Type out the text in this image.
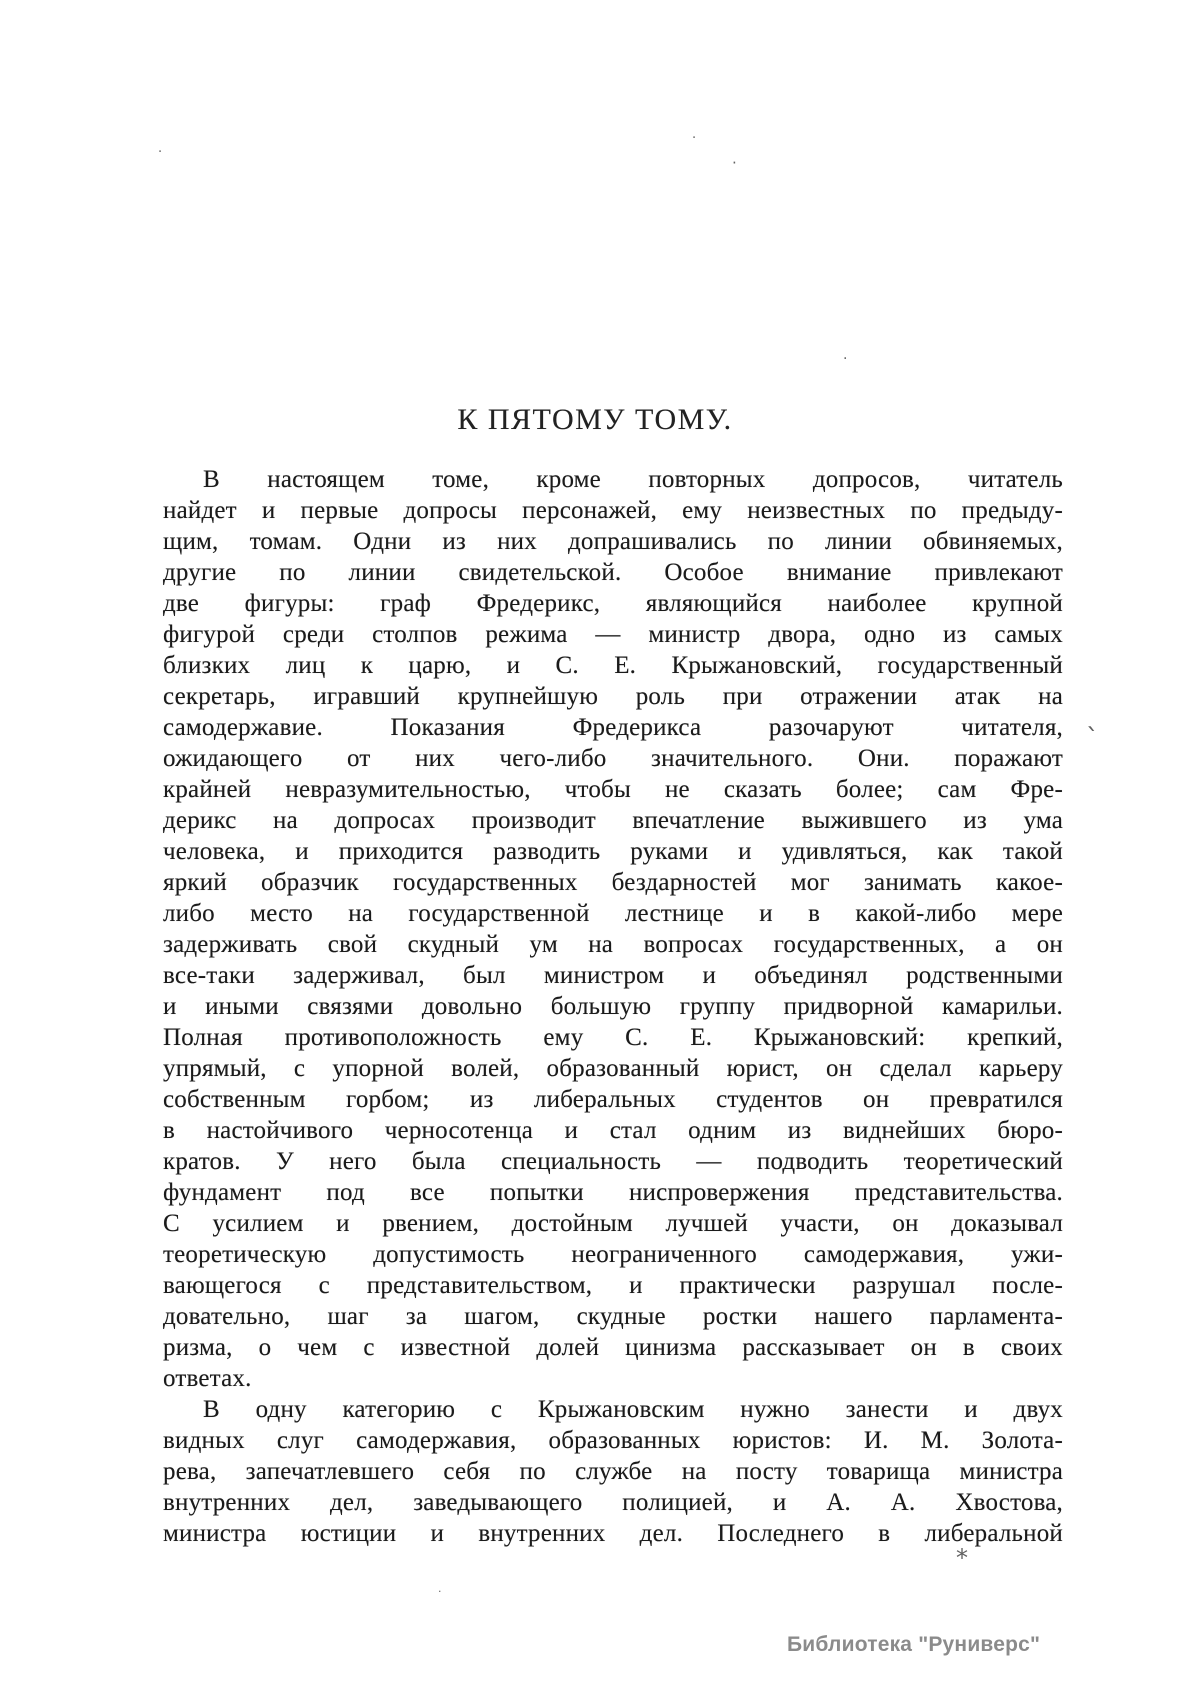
К ПЯТОМУ ТОМУ.
В настоящем томе, кроме повторных допросов, читатель
найдет и первые допросы персонажей, ему неизвестных по предыду-
щим, томам. Одни из них допрашивались по линии обвиняемых,
другие по линии свидетельской. Особое внимание привлекают
две фигуры: граф Фредерикс, являющийся наиболее крупной
фигурой среди столпов режима — министр двора, одно из самых
близких лиц к царю, и С. Е. Крыжановский, государственный
секретарь, игравший крупнейшую роль при отражении атак на
самодержавие. Показания Фредерикса разочаруют читателя,
ожидающего от них чего-либо значительного. Они. поражают
крайней невразумительностью, чтобы не сказать более; сам Фре-
дерикс на допросах производит впечатление выжившего из ума
человека, и приходится разводить руками и удивляться, как такой
яркий образчик государственных бездарностей мог занимать какое-
либо место на государственной лестнице и в какой-либо мере
задерживать свой скудный ум на вопросах государственных, а он
все-таки задерживал, был министром и объединял родственными
и иными связями довольно большую группу придворной камарильи.
Полная противоположность ему С. Е. Крыжановский: крепкий,
упрямый, с упорной волей, образованный юрист, он сделал карьеру
собственным горбом; из либеральных студентов он превратился
в настойчивого черносотенца и стал одним из виднейших бюро-
кратов. У него была специальность — подводить теоретический
фундамент под все попытки ниспровержения представительства.
С усилием и рвением, достойным лучшей участи, он доказывал
теоретическую допустимость неограниченного самодержавия, ужи-
вающегося с представительством, и практически разрушал после-
довательно, шаг за шагом, скудные ростки нашего парламента-
ризма, о чем с известной долей цинизма рассказывает он в своих
ответах.
В одну категорию с Крыжановским нужно занести и двух
видных слуг самодержавия, образованных юристов: И. М. Золота-
рева, запечатлевшего себя по службе на посту товарища министра
внутренних дел, заведывающего полицией, и А. А. Хвостова,
министра юстиции и внутренних дел. Последнего в либеральной
·
·
·
·
`
*
·
Библиотека "Руниверс"
